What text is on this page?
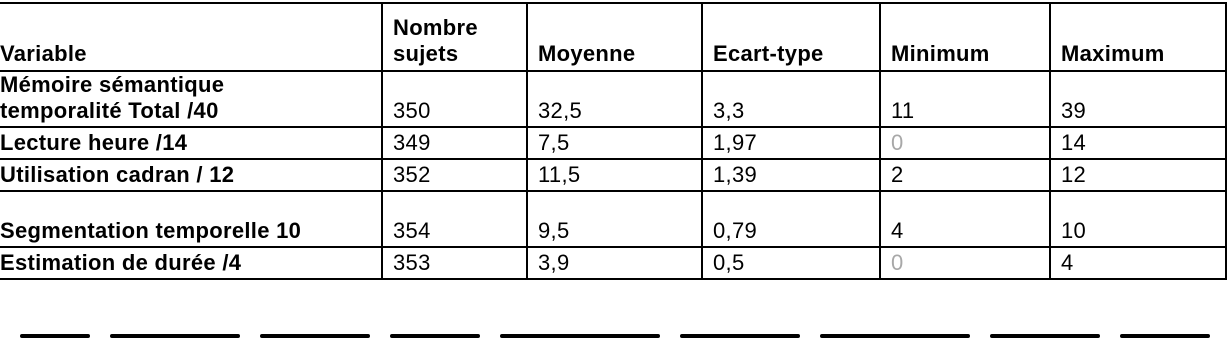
Variable	Nombre sujets	Moyenne	Ecart-type	Minimum	Maximum

Mémoire sémantique temporalité Total /40	350	32,5	3,3	11	39
Lecture heure /14	349	7,5	1,97	0	14
Utilisation cadran / 12	352	11,5	1,39	2	12

Segmentation temporelle 10	354	9,5	0,79	4	10
Estimation de durée /4	353	3,9	0,5	0	4
